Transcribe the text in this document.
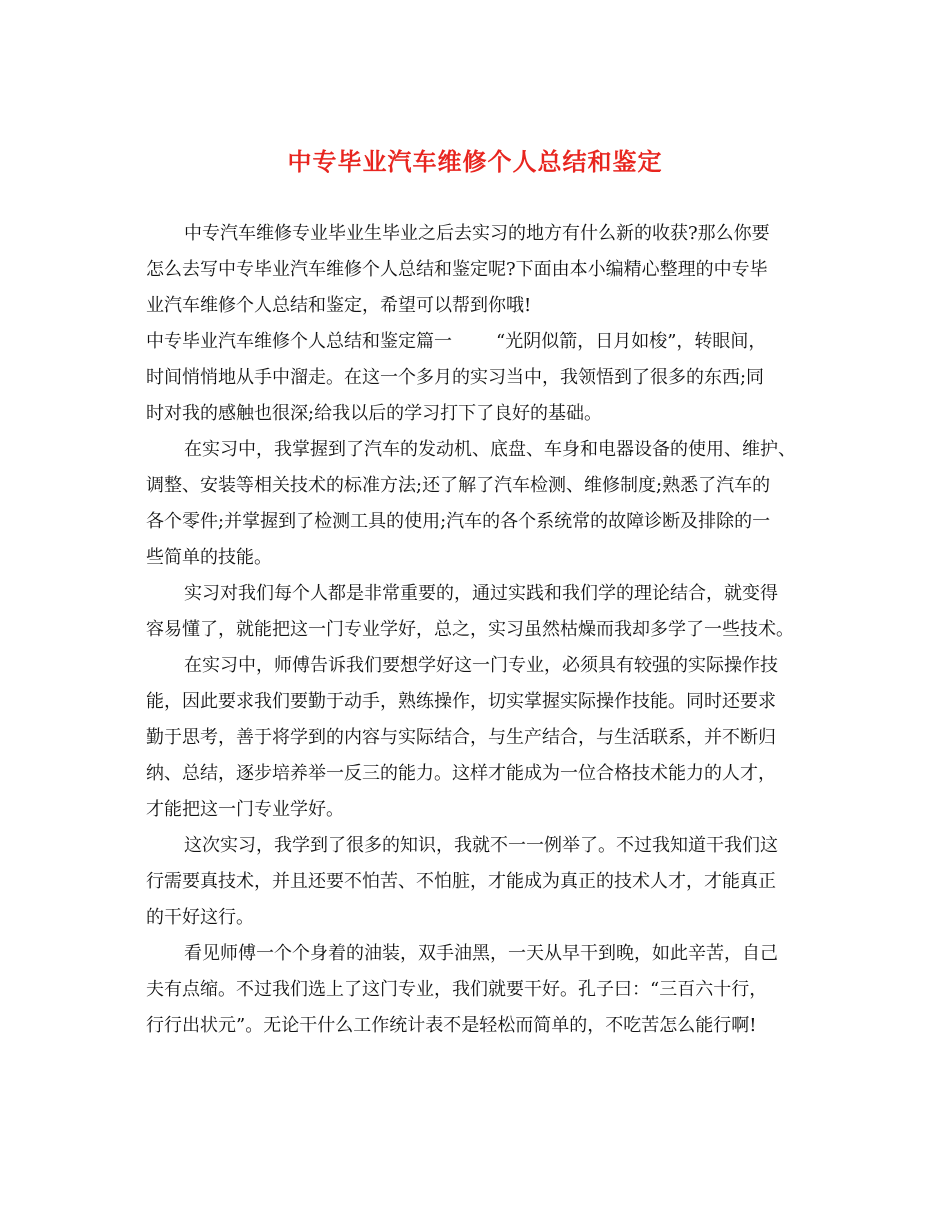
中专毕业汽车维修个人总结和鉴定
中专汽车维修专业毕业生毕业之后去实习的地方有什么新的收获?那么你要
怎么去写中专毕业汽车维修个人总结和鉴定呢?下面由本小编精心整理的中专毕
业汽车维修个人总结和鉴定，希望可以帮到你哦!
中专毕业汽车维修个人总结和鉴定篇一 “光阴似箭，日月如梭”，转眼间，
时间悄悄地从手中溜走。在这一个多月的实习当中，我领悟到了很多的东西;同
时对我的感触也很深;给我以后的学习打下了良好的基础。
在实习中，我掌握到了汽车的发动机、底盘、车身和电器设备的使用、维护、
调整、安装等相关技术的标准方法;还了解了汽车检测、维修制度;熟悉了汽车的
各个零件;并掌握到了检测工具的使用;汽车的各个系统常的故障诊断及排除的一
些简单的技能。
实习对我们每个人都是非常重要的，通过实践和我们学的理论结合，就变得
容易懂了，就能把这一门专业学好，总之，实习虽然枯燥而我却多学了一些技术。
在实习中，师傅告诉我们要想学好这一门专业，必须具有较强的实际操作技
能，因此要求我们要勤于动手，熟练操作，切实掌握实际操作技能。同时还要求
勤于思考，善于将学到的内容与实际结合，与生产结合，与生活联系，并不断归
纳、总结，逐步培养举一反三的能力。这样才能成为一位合格技术能力的人才，
才能把这一门专业学好。
这次实习，我学到了很多的知识，我就不一一例举了。不过我知道干我们这
行需要真技术，并且还要不怕苦、不怕脏，才能成为真正的技术人才，才能真正
的干好这行。
看见师傅一个个身着的油装，双手油黑，一天从早干到晚，如此辛苦，自己
夫有点缩。不过我们选上了这门专业，我们就要干好。孔子曰：“三百六十行，
行行出状元”。无论干什么工作统计表不是轻松而简单的，不吃苦怎么能行啊!
